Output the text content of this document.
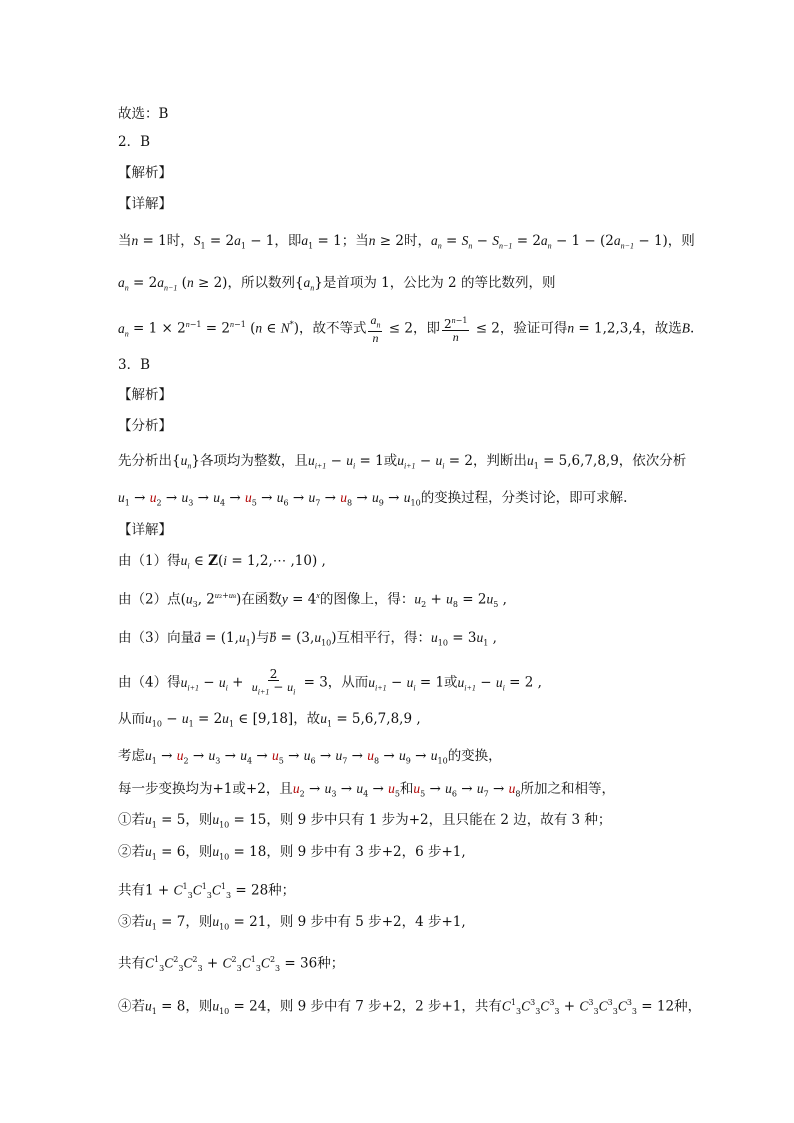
故选：B
2．B
【解析】
【详解】
当n = 1时，$S_1 = 2a_1 - 1$，即$a_1 = 1$；当n ≥ 2时，$a_n = S_n - S_{n-1} = 2a_n - 1 - (2a_{n-1} - 1)$，则
$a_n = 2a_{n-1}$ (n ≥ 2)，所以数列$\{a_n\}$是首项为 1，公比为 2 的等比数列，则
$a_n = 1 \times 2^{n-1} = 2^{n-1}$ (n ∈ N*)，故不等式 $\frac{a_n}{n} \le 2$，即 $\frac{2^{n-1}}{n} \le 2$，验证可得n = 1,2,3,4，故选B.
3．B
【解析】
【分析】
先分析出$\{u_n\}$各项均为整数，且$u_{i+1} - u_i = 1$或$u_{i+1} - u_i = 2$，判断出$u_1 = 5,6,7,8,9$，依次分析
$u_1 \to u_2 \to u_3 \to u_4 \to u_5 \to u_6 \to u_7 \to u_8 \to u_9 \to u_{10}$的变换过程，分类讨论，即可求解.
【详解】
由（1）得$u_i$ ∈ Z(i = 1,2,⋯ ,10) ,
由（2）点($u_3$, $2^{u_2+u_8}$)在函数$y = 4^x$的图像上，得：$u_2 + u_8 = 2u_5$ ,
由（3）向量a⃗ = $(1,u_1)$与b⃗ = $(3,u_{10})$互相平行，得：$u_{10} = 3u_1$ ,
由（4）得$u_{i+1} - u_i + \frac{2}{u_{i+1} - u_i} = 3$，从而$u_{i+1} - u_i = 1$或$u_{i+1} - u_i = 2$ ,
从而$u_{10} - u_1 = 2u_1$ ∈ [9,18]，故$u_1 = 5,6,7,8,9$ ,
考虑$u_1 \to u_2 \to u_3 \to u_4 \to u_5 \to u_6 \to u_7 \to u_8 \to u_9 \to u_{10}$的变换，
每一步变换均为+1或+2，且$u_2 \to u_3 \to u_4 \to u_5$和$u_5 \to u_6 \to u_7 \to u_8$所加之和相等，
①若$u_1 = 5$，则$u_{10} = 15$，则 9 步中只有 1 步为+2，且只能在 2 边，故有 3 种；
②若$u_1 = 6$，则$u_{10} = 18$，则 9 步中有 3 步+2，6 步+1,
共有$1 + C^1_3C^1_3C^1_3 = 28$种；
③若$u_1 = 7$，则$u_{10} = 21$，则 9 步中有 5 步+2，4 步+1,
共有$C^1_3C^2_3C^2_3 + C^2_3C^1_3C^2_3 = 36$种；
④若$u_1 = 8$，则$u_{10} = 24$，则 9 步中有 7 步+2，2 步+1，共有$C^1_3C^3_3C^3_3 + C^3_3C^3_3C^3_3 = 12$种，
